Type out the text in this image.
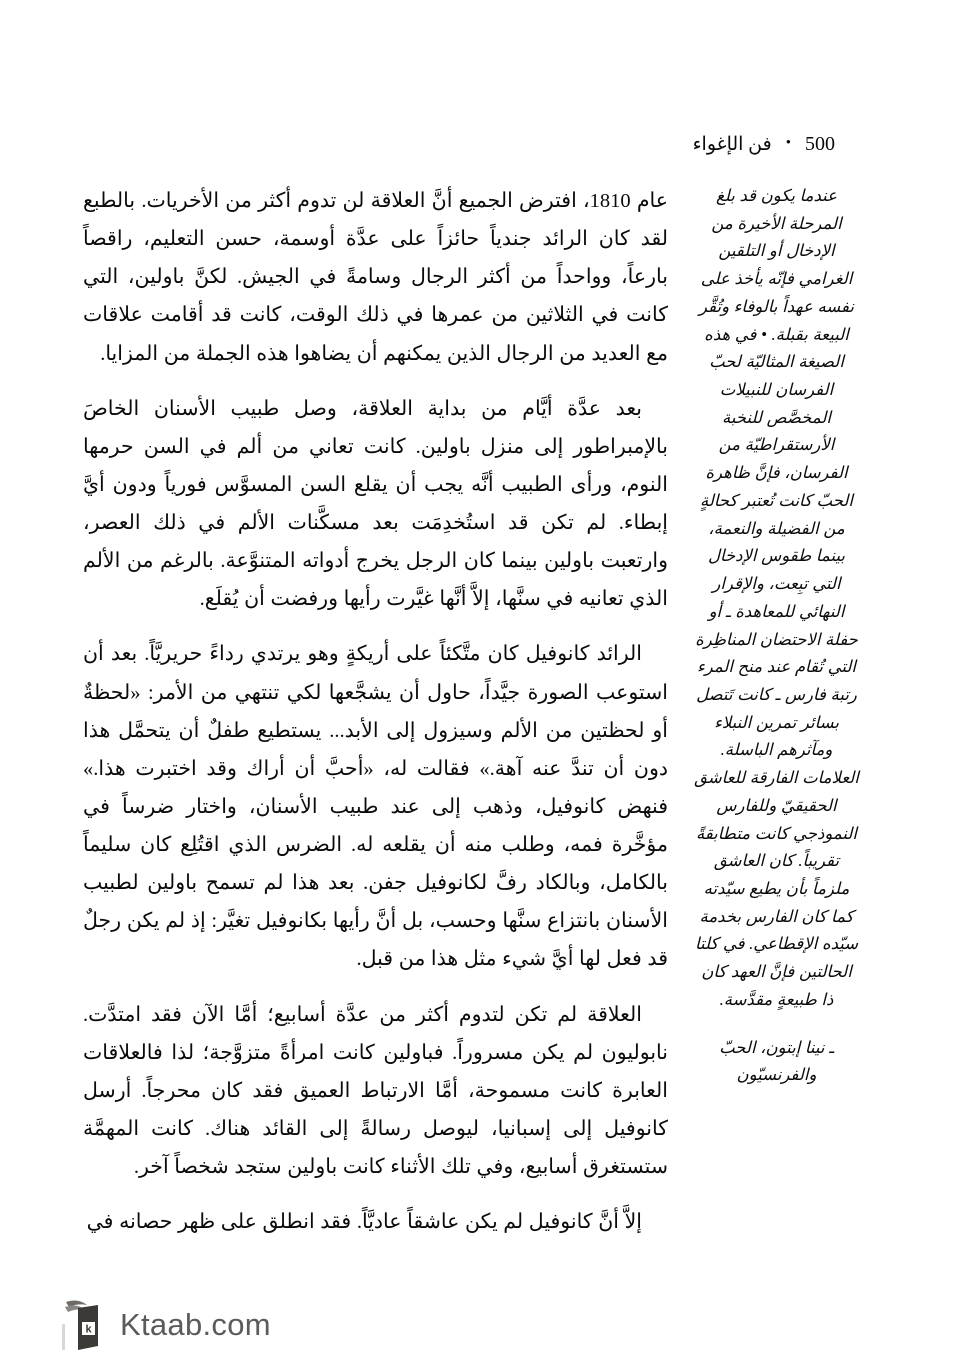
500
•
فن الإغواء

عندما يكون قد بلغ المرحلة الأخيرة من الإدخال أو التلقين الغرامي فإنّه يأخذ على نفسه عهداً بالوفاء وتُقَّر البيعة بقبلة. • في هذه الصيغة المثاليّة لحبّ الفرسان للنبيلات المخصَّص للنخبة الأرستقراطيّة من الفرسان، فإنَّ ظاهرة الحبّ كانت تُعتبر كحالةٍ من الفضيلة والنعمة، بينما طقوس الإدخال التي تبِعت، والإقرار النهائي للمعاهدة ـ أو حفلة الاحتضان المناظِرة التي تُقام عند منح المرء رتبة فارس ـ كانت تَتصل بسائر تمرين النبلاء ومآثرهم الباسلة. العلامات الفارقة للعاشق الحقيقيّ وللفارس النموذجي كانت متطابقةً تقريباً. كان العاشق ملزماً بأن يطيع سيّدته كما كان الفارس بخدمة سيّده الإقطاعي. في كلتا الحالتين فإنَّ العهد كان ذا طبيعةٍ مقدَّسة.

ـ نينا إبتون، الحبّ والفرنسيّون

عام 1810، افترض الجميع أنَّ العلاقة لن تدوم أكثر من الأخريات. بالطبع لقد كان الرائد جندياً حائزاً على عدَّة أوسمة، حسن التعليم، راقصاً بارعاً، وواحداً من أكثر الرجال وسامةً في الجيش. لكنَّ باولين، التي كانت في الثلاثين من عمرها في ذلك الوقت، كانت قد أقامت علاقات مع العديد من الرجال الذين يمكنهم أن يضاهوا هذه الجملة من المزايا.

بعد عدَّة أيَّام من بداية العلاقة، وصل طبيب الأسنان الخاصَ بالإمبراطور إلى منزل باولين. كانت تعاني من ألم في السن حرمها النوم، ورأى الطبيب أنَّه يجب أن يقلع السن المسوَّس فورياً ودون أيَّ إبطاء. لم تكن قد استُخدِمَت بعد مسكَّنات الألم في ذلك العصر، وارتعبت باولين بينما كان الرجل يخرج أدواته المتنوَّعة. بالرغم من الألم الذي تعانيه في سنَّها، إلاَّ أنَّها غيَّرت رأيها ورفضت أن يُقلَع.

الرائد كانوفيل كان متَّكئاً على أريكةٍ وهو يرتدي رداءً حريريَّاً. بعد أن استوعب الصورة جيَّداً، حاول أن يشجَّعها لكي تنتهي من الأمر: «لحظةٌ أو لحظتين من الألم وسيزول إلى الأبد... يستطيع طفلٌ أن يتحمَّل هذا دون أن تندَّ عنه آهة.» فقالت له، «أحبَّ أن أراك وقد اختبرت هذا.» فنهض كانوفيل، وذهب إلى عند طبيب الأسنان، واختار ضرساً في مؤخَّرة فمه، وطلب منه أن يقلعه له. الضرس الذي اقتُلِع كان سليماً بالكامل، وبالكاد رفَّ لكانوفيل جفن. بعد هذا لم تسمح باولين لطبيب الأسنان بانتزاع سنَّها وحسب، بل أنَّ رأيها بكانوفيل تغيَّر: إذ لم يكن رجلٌ قد فعل لها أيَّ شيء مثل هذا من قبل.

العلاقة لم تكن لتدوم أكثر من عدَّة أسابيع؛ أمَّا الآن فقد امتدَّت. نابوليون لم يكن مسروراً. فباولين كانت امرأةً متزوَّجة؛ لذا فالعلاقات العابرة كانت مسموحة، أمَّا الارتباط العميق فقد كان محرجاً. أرسل كانوفيل إلى إسبانيا، ليوصل رسالةً إلى القائد هناك. كانت المهمَّة ستستغرق أسابيع، وفي تلك الأثناء كانت باولين ستجد شخصاً آخر.

إلاَّ أنَّ كانوفيل لم يكن عاشقاً عاديَّاً. فقد انطلق على ظهر حصانه في

k Ktaab.com
